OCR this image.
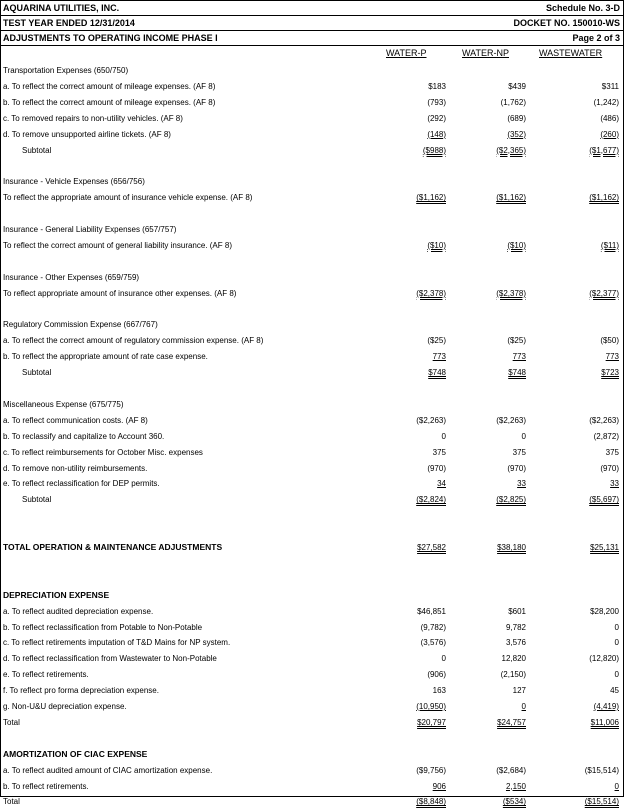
AQUARINA UTILITIES, INC.	Schedule No. 3-D
TEST YEAR ENDED 12/31/2014	DOCKET NO. 150010-WS
ADJUSTMENTS TO OPERATING INCOME PHASE I	Page 2 of 3
WATER-P	WATER-NP	WASTEWATER
Transportation Expenses (650/750)
a. To reflect the correct amount of mileage expenses. (AF 8)	$183	$439	$311
b. To reflect the correct amount of mileage expenses. (AF 8)	(793)	(1,762)	(1,242)
c. To removed repairs to non-utility vehicles. (AF 8)	(292)	(689)	(486)
d. To remove unsupported airline tickets. (AF 8)	(148)	(352)	(260)
Subtotal	($988)	($2,365)	($1,677)
Insurance - Vehicle Expenses (656/756)
To reflect the appropriate amount of insurance vehicle expense. (AF 8)	($1,162)	($1,162)	($1,162)
Insurance - General Liability Expenses (657/757)
To reflect the correct amount of general liability insurance. (AF 8)	($10)	($10)	($11)
Insurance - Other Expenses (659/759)
To reflect appropriate amount of insurance other expenses. (AF 8)	($2,378)	($2,378)	($2,377)
Regulatory Commission Expense (667/767)
a. To reflect the correct amount of regulatory commission expense. (AF 8)	($25)	($25)	($50)
b. To reflect the appropriate amount of rate case expense.	773	773	773
Subtotal	$748	$748	$723
Miscellaneous Expense (675/775)
a. To reflect communication costs. (AF 8)	($2,263)	($2,263)	($2,263)
b. To reclassify and capitalize to Account 360.	0	0	(2,872)
c. To reflect reimbursements for October Misc. expenses	375	375	375
d. To remove non-utility reimbursements.	(970)	(970)	(970)
e. To reflect reclassification for DEP permits.	34	33	33
Subtotal	($2,824)	($2,825)	($5,697)
TOTAL OPERATION & MAINTENANCE ADJUSTMENTS	$27,582	$38,180	$25,131
DEPRECIATION EXPENSE
a. To reflect audited depreciation expense.	$46,851	$601	$28,200
b. To reflect reclassification from Potable to Non-Potable	(9,782)	9,782	0
c. To reflect retirements imputation of T&D Mains for NP system.	(3,576)	3,576	0
d. To reflect reclassification from Wastewater to Non-Potable	0	12,820	(12,820)
e. To reflect retirements.	(906)	(2,150)	0
f. To reflect pro forma depreciation expense.	163	127	45
g. Non-U&U depreciation expense.	(10,950)	0	(4,419)
Total	$20,797	$24,757	$11,006
AMORTIZATION OF CIAC EXPENSE
a. To reflect audited amount of CIAC amortization expense.	($9,756)	($2,684)	($15,514)
b. To reflect retirements.	906	2,150	0
Total	($8,848)	($534)	($15,514)
